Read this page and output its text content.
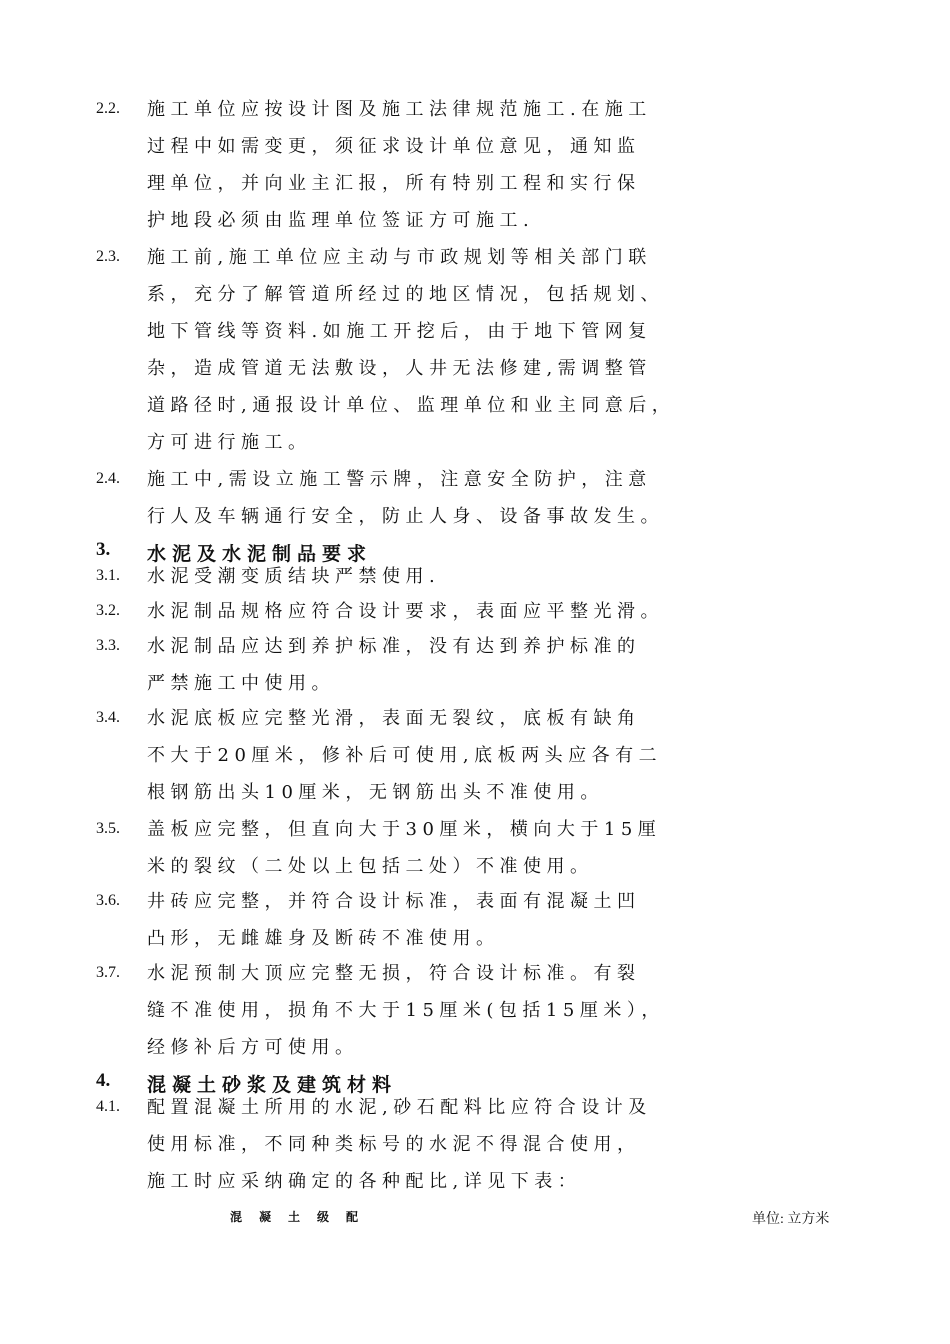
2.2. 施工单位应按设计图及施工法律规范施工.在施工
过程中如需变更，须征求设计单位意见，通知监
理单位，并向业主汇报，所有特别工程和实行保
护地段必须由监理单位签证方可施工.
2.3. 施工前,施工单位应主动与市政规划等相关部门联
系，充分了解管道所经过的地区情况，包括规划、
地下管线等资料.如施工开挖后，由于地下管网复
杂，造成管道无法敷设，人井无法修建,需调整管
道路径时,通报设计单位、监理单位和业主同意后，
方可进行施工。
2.4. 施工中,需设立施工警示牌，注意安全防护，注意
行人及车辆通行安全，防止人身、设备事故发生。
3. 水泥及水泥制品要求
3.1. 水泥受潮变质结块严禁使用.
3.2. 水泥制品规格应符合设计要求，表面应平整光滑。
3.3. 水泥制品应达到养护标准，没有达到养护标准的
严禁施工中使用。
3.4. 水泥底板应完整光滑，表面无裂纹，底板有缺角
不大于20厘米，修补后可使用,底板两头应各有二
根钢筋出头10厘米，无钢筋出头不准使用。
3.5. 盖板应完整，但直向大于30厘米，横向大于15厘
米的裂纹（二处以上包括二处）不准使用。
3.6. 井砖应完整，并符合设计标准，表面有混凝土凹
凸形，无雌雄身及断砖不准使用。
3.7. 水泥预制大顶应完整无损，符合设计标准。有裂
缝不准使用，损角不大于15厘米(包括15厘米），
经修补后方可使用。
4. 混凝土砂浆及建筑材料
4.1. 配置混凝土所用的水泥,砂石配料比应符合设计及
使用标准，不同种类标号的水泥不得混合使用，
施工时应采纳确定的各种配比,详见下表：
混凝土级配	单位: 立方米
